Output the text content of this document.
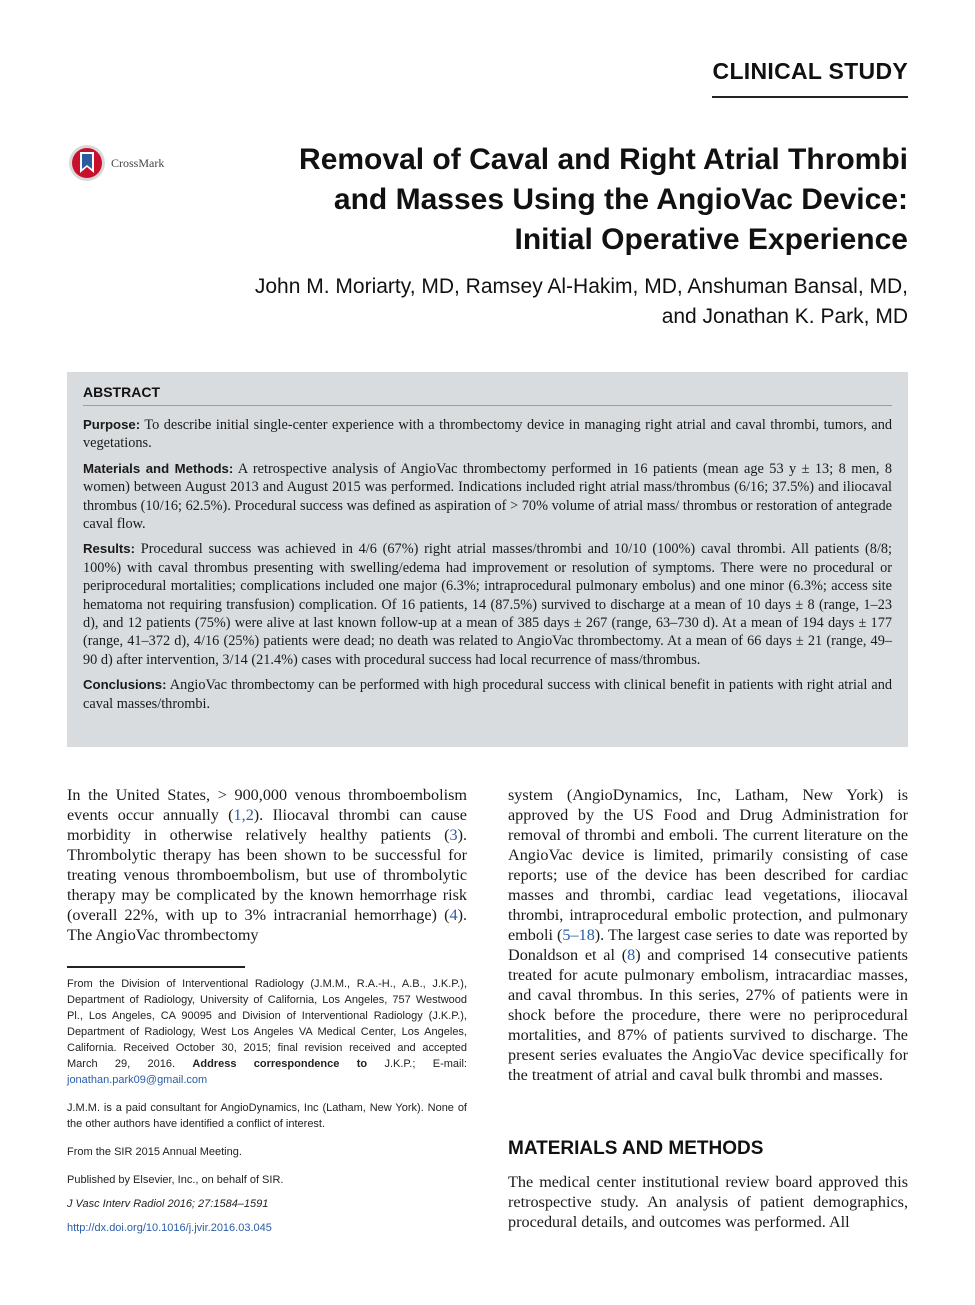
CLINICAL STUDY
CrossMark	Removal of Caval and Right Atrial Thrombi
and Masses Using the AngioVac Device:
Initial Operative Experience
John M. Moriarty, MD, Ramsey Al-Hakim, MD, Anshuman Bansal, MD,
and Jonathan K. Park, MD
ABSTRACT

Purpose: To describe initial single-center experience with a thrombectomy device in managing right atrial and caval thrombi, tumors, and vegetations.

Materials and Methods: A retrospective analysis of AngioVac thrombectomy performed in 16 patients (mean age 53 y ± 13; 8 men, 8 women) between August 2013 and August 2015 was performed. Indications included right atrial mass/thrombus (6/16; 37.5%) and iliocaval thrombus (10/16; 62.5%). Procedural success was defined as aspiration of > 70% volume of atrial mass/ thrombus or restoration of antegrade caval flow.

Results: Procedural success was achieved in 4/6 (67%) right atrial masses/thrombi and 10/10 (100%) caval thrombi. All patients (8/8; 100%) with caval thrombus presenting with swelling/edema had improvement or resolution of symptoms. There were no procedural or periprocedural mortalities; complications included one major (6.3%; intraprocedural pulmonary embolus) and one minor (6.3%; access site hematoma not requiring transfusion) complication. Of 16 patients, 14 (87.5%) survived to discharge at a mean of 10 days ± 8 (range, 1–23 d), and 12 patients (75%) were alive at last known follow-up at a mean of 385 days ± 267 (range, 63–730 d). At a mean of 194 days ± 177 (range, 41–372 d), 4/16 (25%) patients were dead; no death was related to AngioVac thrombectomy. At a mean of 66 days ± 21 (range, 49–90 d) after intervention, 3/14 (21.4%) cases with procedural success had local recurrence of mass/thrombus.

Conclusions: AngioVac thrombectomy can be performed with high procedural success with clinical benefit in patients with right atrial and caval masses/thrombi.

In the United States, > 900,000 venous thromboembolism events occur annually (1,2). Iliocaval thrombi can cause morbidity in otherwise relatively healthy patients (3). Thrombolytic therapy has been shown to be successful for treating venous thromboembolism, but use of thrombolytic therapy may be complicated by the known hemorrhage risk (overall 22%, with up to 3% intracranial hemorrhage) (4). The AngioVac thrombectomy

From the Division of Interventional Radiology (J.M.M., R.A.-H., A.B., J.K.P.), Department of Radiology, University of California, Los Angeles, 757 Westwood Pl., Los Angeles, CA 90095 and Division of Interventional Radiology (J.K.P.), Department of Radiology, West Los Angeles VA Medical Center, Los Angeles, California. Received October 30, 2015; final revision received and accepted March 29, 2016. Address correspondence to J.K.P.; E-mail: jonathan.park09@gmail.com

J.M.M. is a paid consultant for AngioDynamics, Inc (Latham, New York). None of the other authors have identified a conflict of interest.

From the SIR 2015 Annual Meeting.

Published by Elsevier, Inc., on behalf of SIR.

J Vasc Interv Radiol 2016; 27:1584–1591

http://dx.doi.org/10.1016/j.jvir.2016.03.045

system (AngioDynamics, Inc, Latham, New York) is approved by the US Food and Drug Administration for removal of thrombi and emboli. The current literature on the AngioVac device is limited, primarily consisting of case reports; use of the device has been described for cardiac masses and thrombi, cardiac lead vegetations, iliocaval thrombi, intraprocedural embolic protection, and pulmonary emboli (5–18). The largest case series to date was reported by Donaldson et al (8) and comprised 14 consecutive patients treated for acute pulmonary embolism, intracardiac masses, and caval thrombus. In this series, 27% of patients were in shock before the procedure, there were no periprocedural mortalities, and 87% of patients survived to discharge. The present series evaluates the AngioVac device specifically for the treatment of atrial and caval bulk thrombi and masses.

MATERIALS AND METHODS
The medical center institutional review board approved this retrospective study. An analysis of patient demographics, procedural details, and outcomes was performed. All
